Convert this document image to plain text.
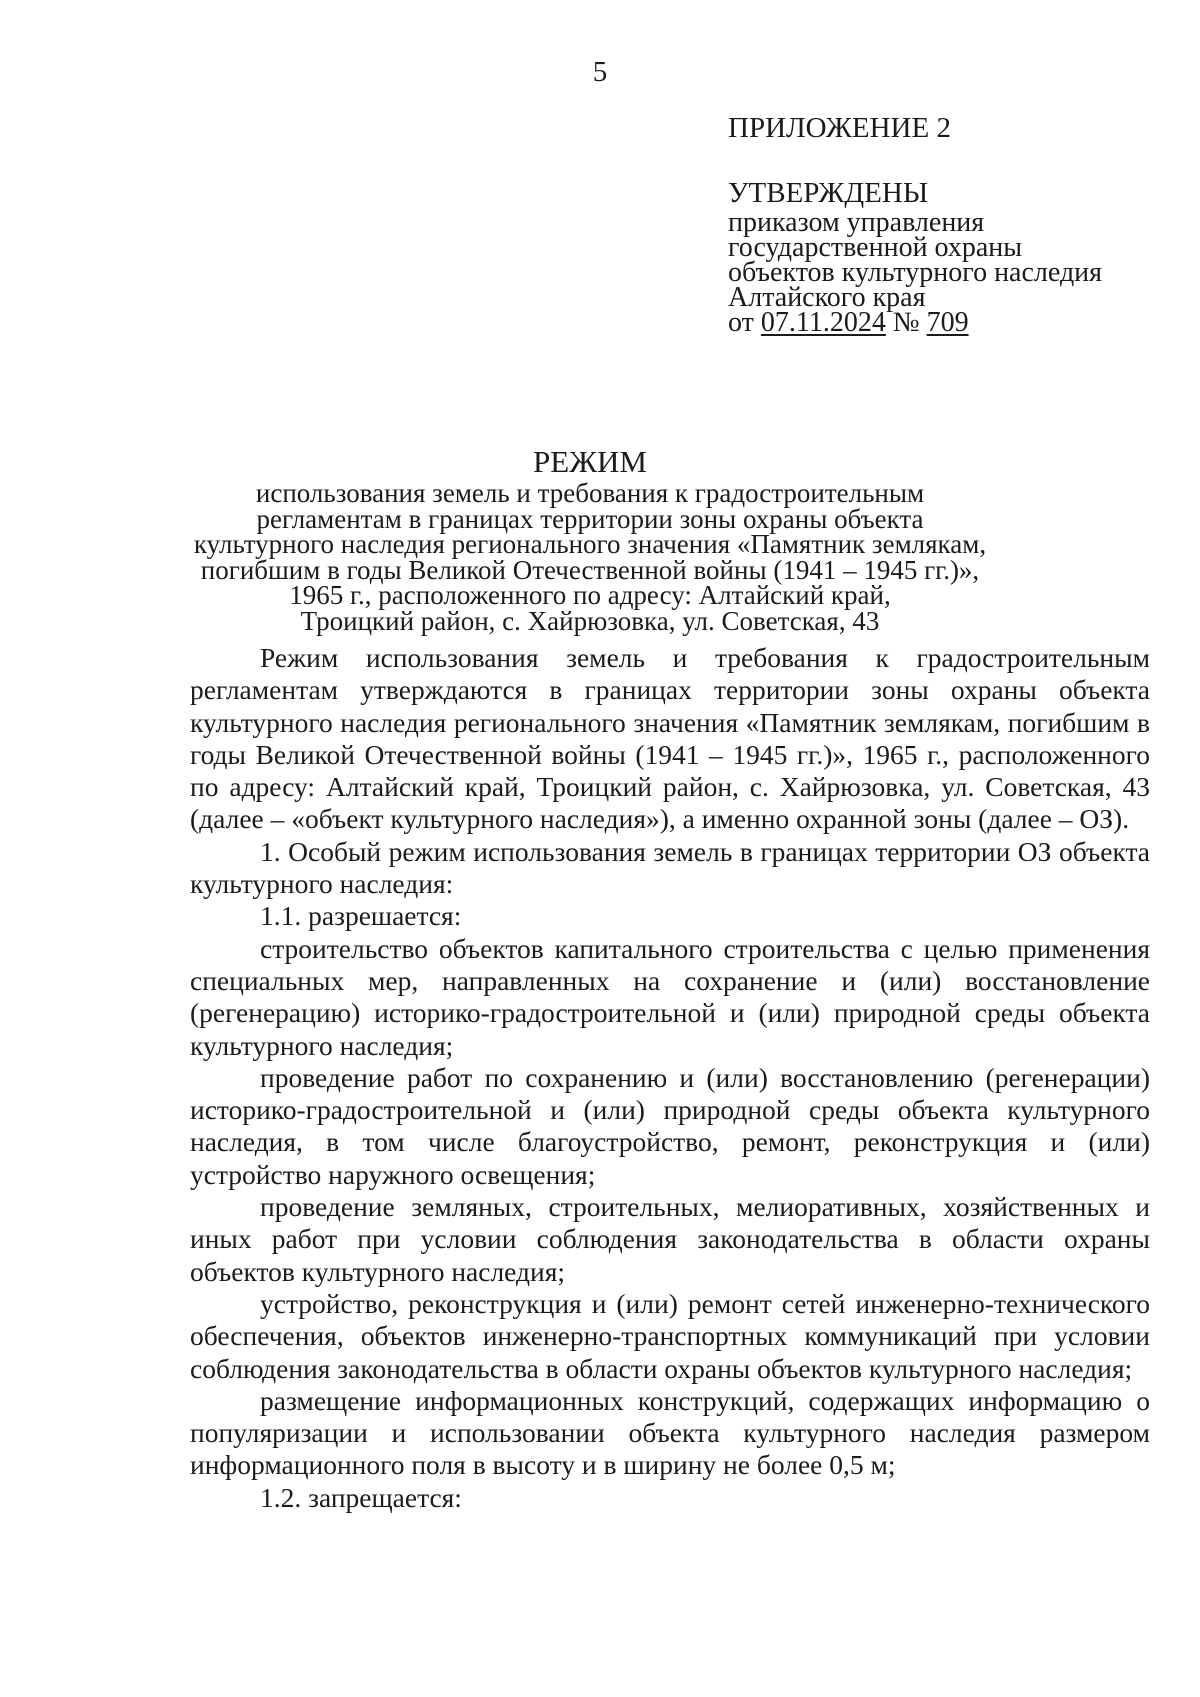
5
ПРИЛОЖЕНИЕ 2
УТВЕРЖДЕНЫ
приказом управления
государственной охраны
объектов культурного наследия
Алтайского края
от 07.11.2024 № 709
РЕЖИМ
использования земель и требования к градостроительным
регламентам в границах территории зоны охраны объекта
культурного наследия регионального значения «Памятник землякам,
погибшим в годы Великой Отечественной войны (1941 – 1945 гг.)»,
1965 г., расположенного по адресу: Алтайский край,
Троицкий район, с. Хайрюзовка, ул. Советская, 43

Режим использования земель и требования к градостроительным регламентам утверждаются в границах территории зоны охраны объекта культурного наследия регионального значения «Памятник землякам, погибшим в годы Великой Отечественной войны (1941 – 1945 гг.)», 1965 г., расположенного по адресу: Алтайский край, Троицкий район, с. Хайрюзовка, ул. Советская, 43 (далее – «объект культурного наследия»), а именно охранной зоны (далее – ОЗ).

1. Особый режим использования земель в границах территории ОЗ объекта культурного наследия:

1.1. разрешается:

строительство объектов капитального строительства с целью применения специальных мер, направленных на сохранение и (или) восстановление (регенерацию) историко-градостроительной и (или) природной среды объекта культурного наследия;

проведение работ по сохранению и (или) восстановлению (регенерации) историко-градостроительной и (или) природной среды объекта культурного наследия, в том числе благоустройство, ремонт, реконструкция и (или) устройство наружного освещения;

проведение земляных, строительных, мелиоративных, хозяйственных и иных работ при условии соблюдения законодательства в области охраны объектов культурного наследия;

устройство, реконструкция и (или) ремонт сетей инженерно-технического обеспечения, объектов инженерно-транспортных коммуникаций при условии соблюдения законодательства в области охраны объектов культурного наследия;

размещение информационных конструкций, содержащих информацию о популяризации и использовании объекта культурного наследия размером информационного поля в высоту и в ширину не более 0,5 м;

1.2. запрещается:
